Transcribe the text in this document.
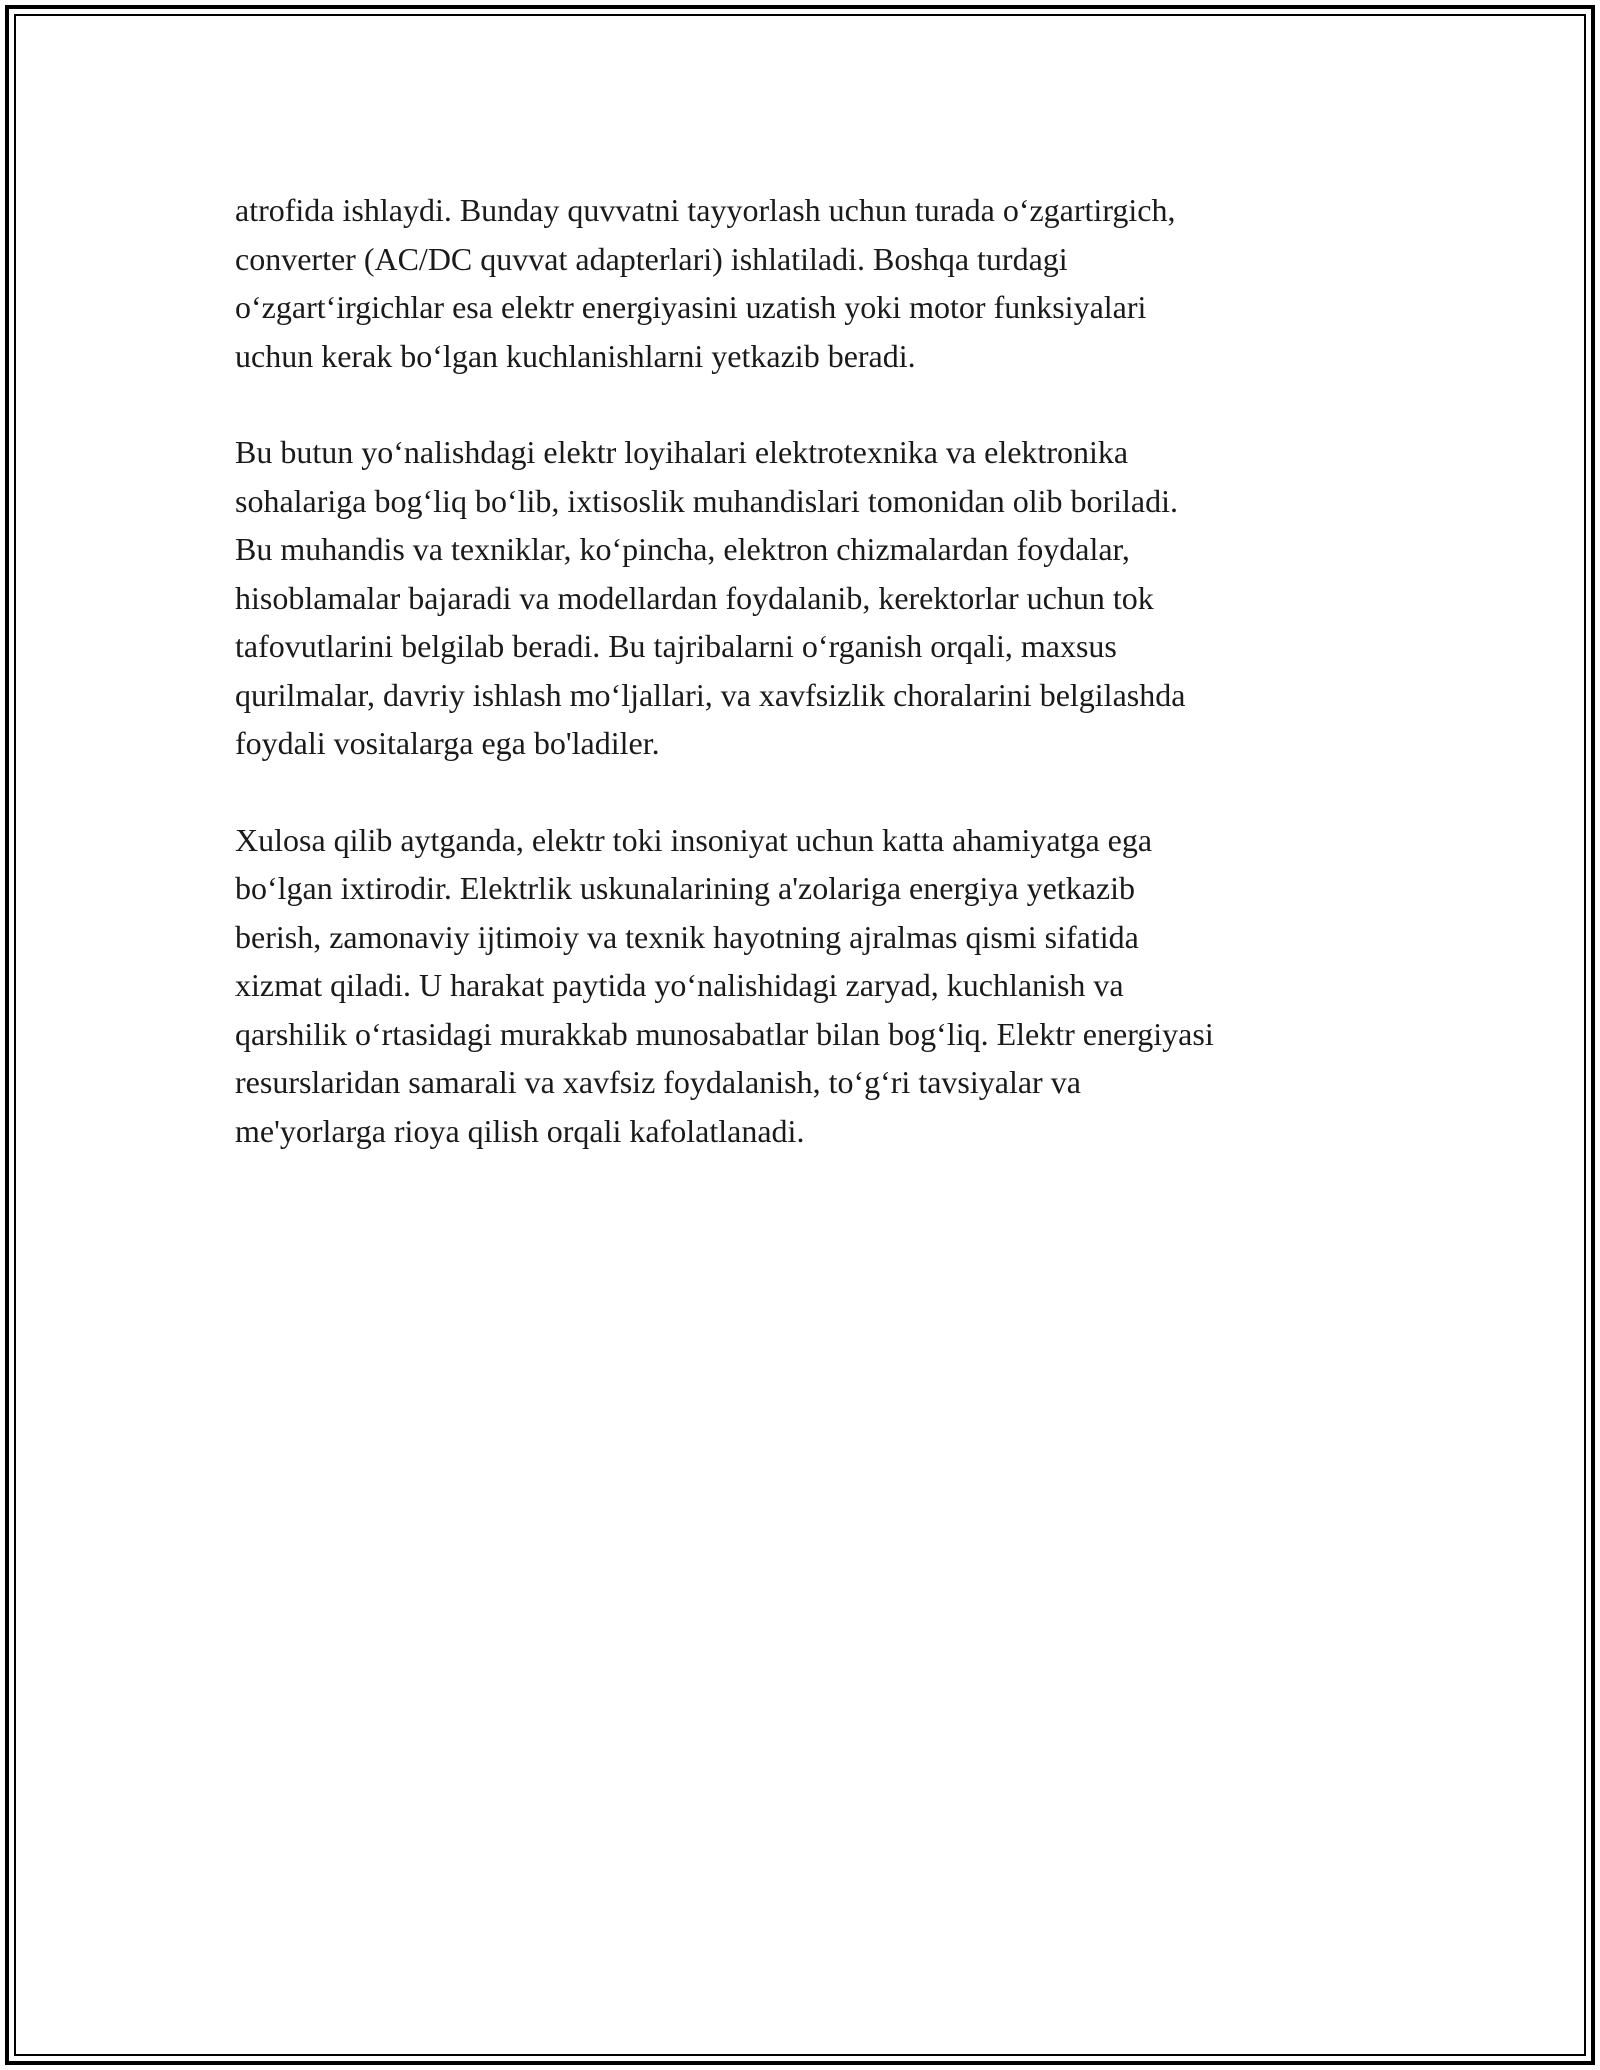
atrofida ishlaydi. Bunday quvvatni tayyorlash uchun turada oʻzgartirgich,
converter (AC/DC quvvat adapterlari) ishlatiladi. Boshqa turdagi
oʻzgartʻirgichlar esa elektr energiyasini uzatish yoki motor funksiyalari
uchun kerak boʻlgan kuchlanishlarni yetkazib beradi.

Bu butun yoʻnalishdagi elektr loyihalari elektrotexnika va elektronika
sohalariga bogʻliq boʻlib, ixtisoslik muhandislari tomonidan olib boriladi.
Bu muhandis va texniklar, koʻpincha, elektron chizmalardan foydalar,
hisoblamalar bajaradi va modellardan foydalanib, kerektorlar uchun tok
tafovutlarini belgilab beradi. Bu tajribalarni oʻrganish orqali, maxsus
qurilmalar, davriy ishlash moʻljallari, va xavfsizlik choralarini belgilashda
foydali vositalarga ega bo'ladiler.

Xulosa qilib aytganda, elektr toki insoniyat uchun katta ahamiyatga ega
boʻlgan ixtirodir. Elektrlik uskunalarining a'zolariga energiya yetkazib
berish, zamonaviy ijtimoiy va texnik hayotning ajralmas qismi sifatida
xizmat qiladi. U harakat paytida yoʻnalishidagi zaryad, kuchlanish va
qarshilik oʻrtasidagi murakkab munosabatlar bilan bogʻliq. Elektr energiyasi
resurslaridan samarali va xavfsiz foydalanish, toʻgʻri tavsiyalar va
me'yorlarga rioya qilish orqali kafolatlanadi.
